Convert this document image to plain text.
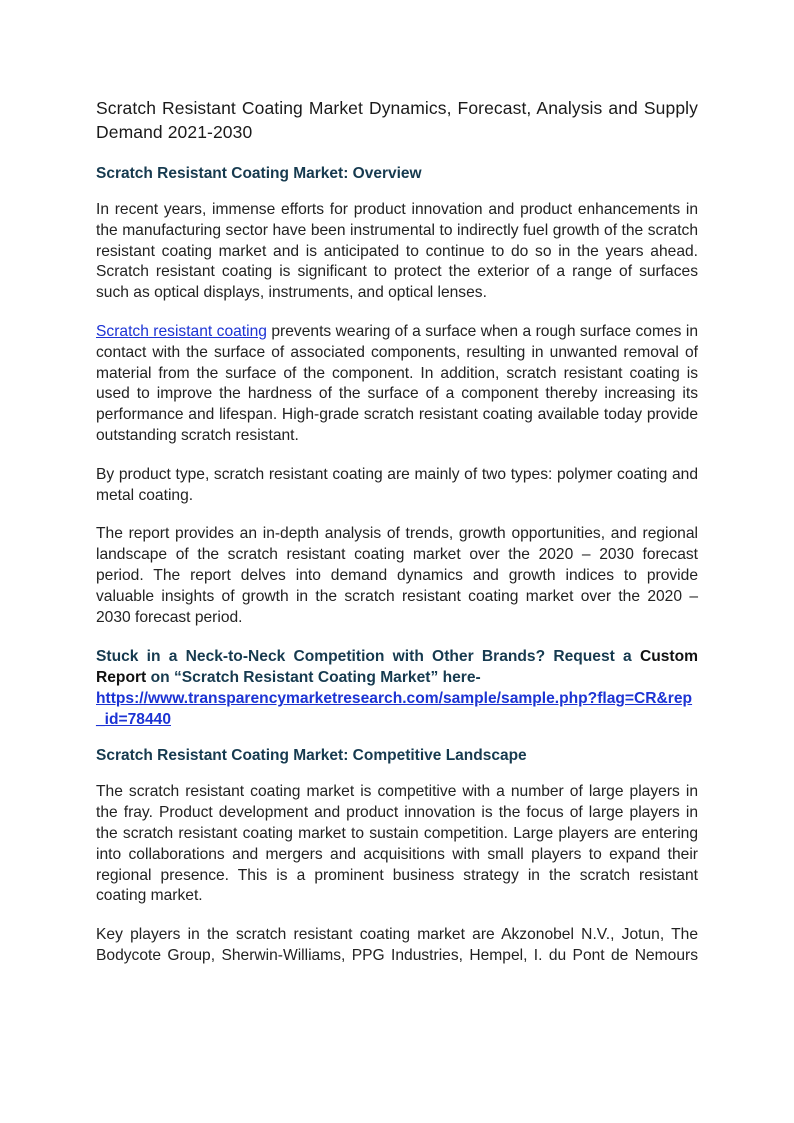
Scratch Resistant Coating Market Dynamics, Forecast, Analysis and Supply Demand 2021-2030
Scratch Resistant Coating Market: Overview

In recent years, immense efforts for product innovation and product enhancements in the manufacturing sector have been instrumental to indirectly fuel growth of the scratch resistant coating market and is anticipated to continue to do so in the years ahead. Scratch resistant coating is significant to protect the exterior of a range of surfaces such as optical displays, instruments, and optical lenses.

Scratch resistant coating prevents wearing of a surface when a rough surface comes in contact with the surface of associated components, resulting in unwanted removal of material from the surface of the component. In addition, scratch resistant coating is used to improve the hardness of the surface of a component thereby increasing its performance and lifespan. High-grade scratch resistant coating available today provide outstanding scratch resistant.

By product type, scratch resistant coating are mainly of two types: polymer coating and metal coating.

The report provides an in-depth analysis of trends, growth opportunities, and regional landscape of the scratch resistant coating market over the 2020 – 2030 forecast period. The report delves into demand dynamics and growth indices to provide valuable insights of growth in the scratch resistant coating market over the 2020 – 2030 forecast period.

Stuck in a Neck-to-Neck Competition with Other Brands? Request a Custom Report on “Scratch Resistant Coating Market” here-
https://www.transparencymarketresearch.com/sample/sample.php?flag=CR&rep_id=78440

Scratch Resistant Coating Market: Competitive Landscape

The scratch resistant coating market is competitive with a number of large players in the fray. Product development and product innovation is the focus of large players in the scratch resistant coating market to sustain competition. Large players are entering into collaborations and mergers and acquisitions with small players to expand their regional presence. This is a prominent business strategy in the scratch resistant coating market.

Key players in the scratch resistant coating market are Akzonobel N.V., Jotun, The Bodycote Group, Sherwin-Williams, PPG Industries, Hempel, I. du Pont de Nemours
